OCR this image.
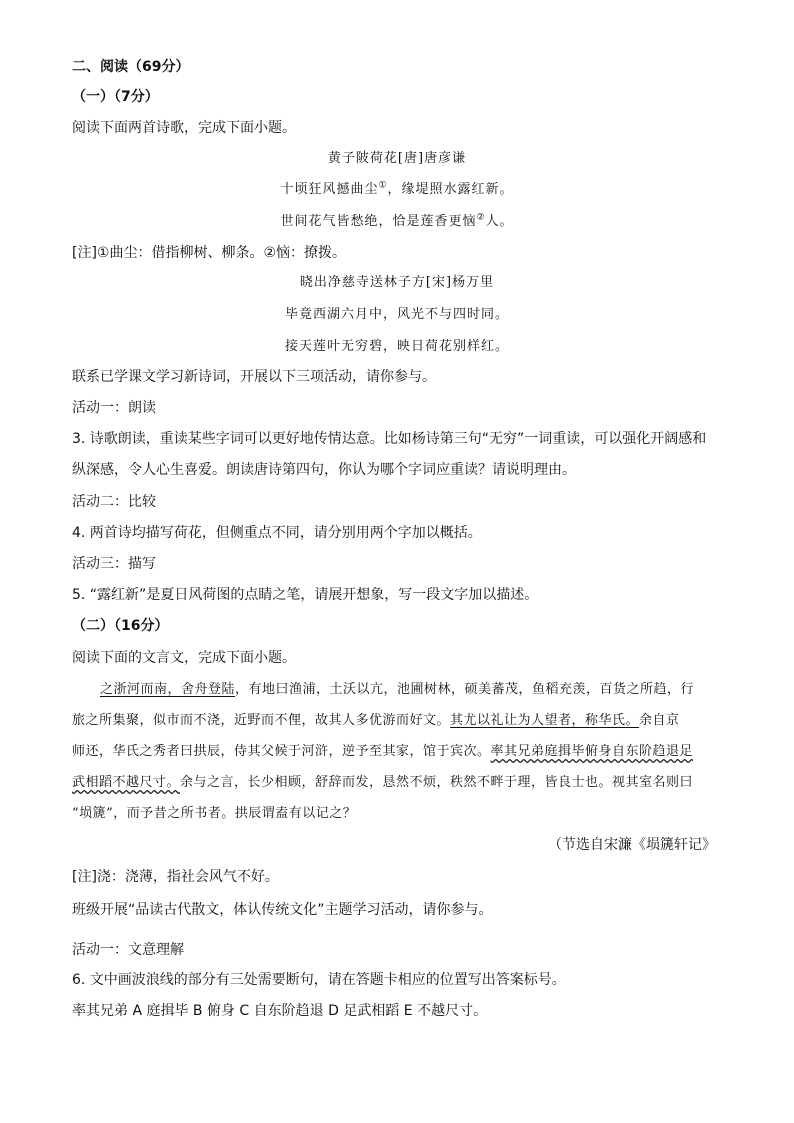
二、阅读（69分）
（一）（7分）
阅读下面两首诗歌，完成下面小题。
黄子陂荷花[唐]唐彦谦
十顷狂风撼曲尘①，缘堤照水露红新。
世间花气皆愁绝，恰是莲香更恼②人。
[注]①曲尘：借指柳树、柳条。②恼：撩拨。
晓出净慈寺送林子方[宋]杨万里
毕竟西湖六月中，风光不与四时同。
接天莲叶无穷碧，映日荷花别样红。
联系已学课文学习新诗词，开展以下三项活动，请你参与。
活动一：朗读
3. 诗歌朗读，重读某些字词可以更好地传情达意。比如杨诗第三句“无穷”一词重读，可以强化开阔感和
纵深感，令人心生喜爱。朗读唐诗第四句，你认为哪个字词应重读？请说明理由。
活动二：比较
4. 两首诗均描写荷花，但侧重点不同，请分别用两个字加以概括。
活动三：描写
5. “露红新”是夏日风荷图的点睛之笔，请展开想象，写一段文字加以描述。
（二）（16分）
阅读下面的文言文，完成下面小题。
之浙河而南，舍舟登陆，有地曰渔浦，土沃以亢，池圃树林，硕美蕃茂，鱼稻充羡，百货之所趋，行
旅之所集聚，似市而不浇，近野而不俚，故其人多优游而好文。其尤以礼让为人望者，称华氏。余自京
师还，华氏之秀者曰拱辰，侍其父候于河浒，逆予至其家，馆于宾次。率其兄弟庭揖毕俯身自东阶趋退足
武相蹈不越尺寸。余与之言，长少相顾，舒辞而发，恳然不烦，秩然不畔于理，皆良士也。视其室名则曰
“埙篪”，而予昔之所书者。拱辰谓盍有以记之？
（节选自宋濂《埙篪轩记》
[注]浇：浇薄，指社会风气不好。
班级开展“品读古代散文，体认传统文化”主题学习活动，请你参与。
活动一：文意理解
6. 文中画波浪线的部分有三处需要断句，请在答题卡相应的位置写出答案标号。
率其兄弟 A 庭揖毕 B 俯身 C 自东阶趋退 D 足武相蹈 E 不越尺寸。
